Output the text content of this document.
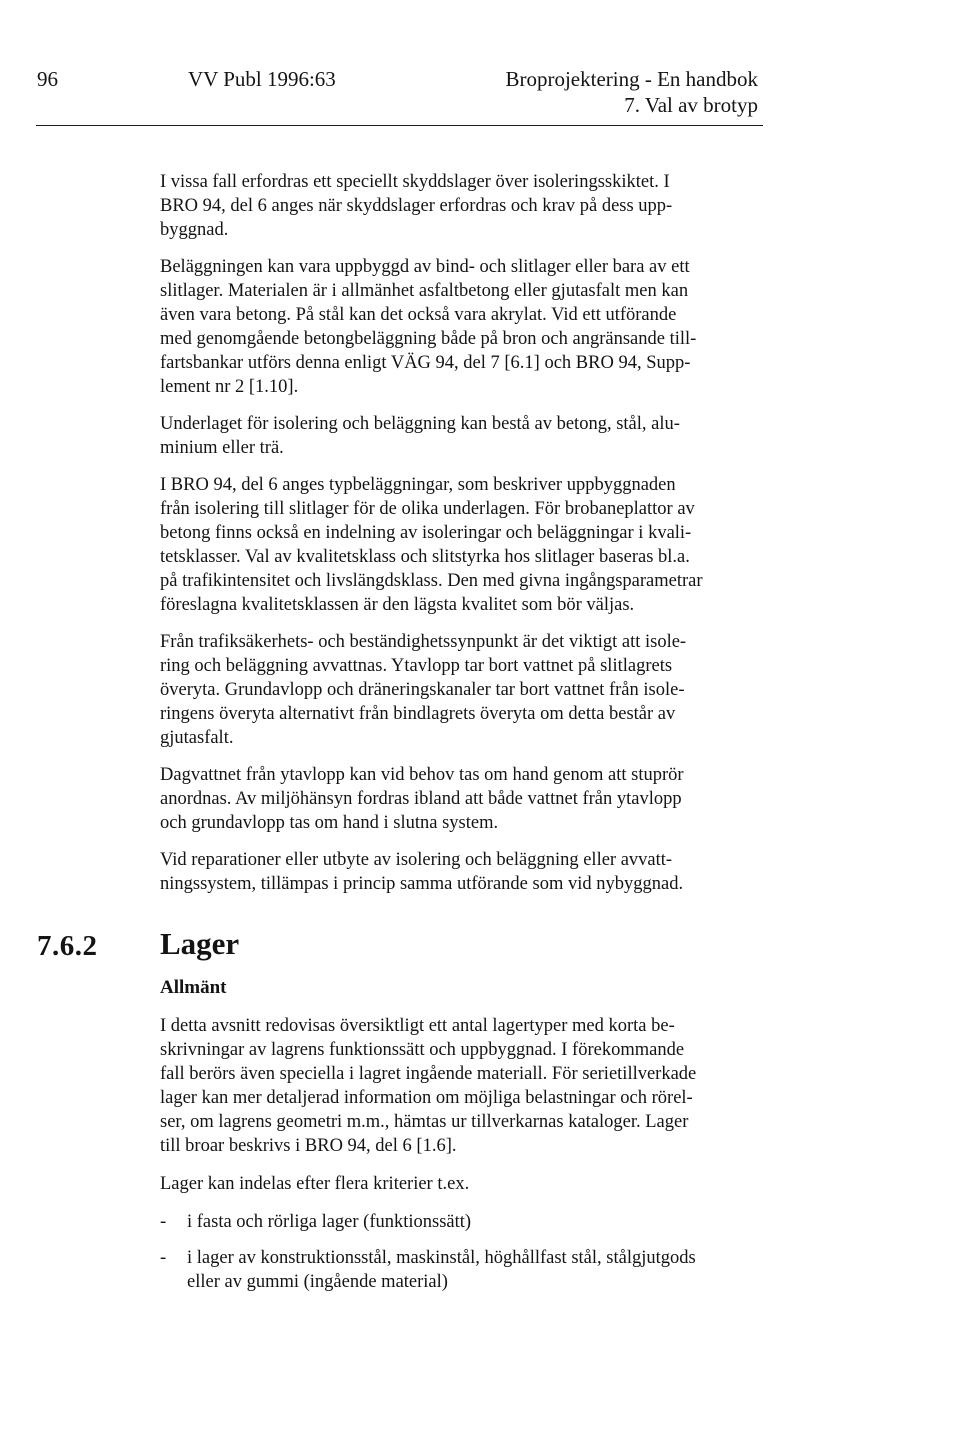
96	VV Publ 1996:63	Broprojektering - En handbok
7. Val av brotyp

I vissa fall erfordras ett speciellt skyddslager över isoleringsskiktet. I
BRO 94, del 6 anges när skyddslager erfordras och krav på dess upp-
byggnad.

Beläggningen kan vara uppbyggd av bind- och slitlager eller bara av ett
slitlager. Materialen är i allmänhet asfaltbetong eller gjutasfalt men kan
även vara betong. På stål kan det också vara akrylat. Vid ett utförande
med genomgående betongbeläggning både på bron och angränsande till-
fartsbankar utförs denna enligt VÄG 94, del 7 [6.1] och BRO 94, Supp-
lement nr 2 [1.10].

Underlaget för isolering och beläggning kan bestå av betong, stål, alu-
minium eller trä.

I BRO 94, del 6 anges typbeläggningar, som beskriver uppbyggnaden
från isolering till slitlager för de olika underlagen. För brobaneplattor av
betong finns också en indelning av isoleringar och beläggningar i kvali-
tetsklasser. Val av kvalitetsklass och slitstyrka hos slitlager baseras bl.a.
på trafikintensitet och livslängdsklass. Den med givna ingångsparametrar
föreslagna kvalitetsklassen är den lägsta kvalitet som bör väljas.

Från trafiksäkerhets- och beständighetssynpunkt är det viktigt att isole-
ring och beläggning avvattnas. Ytavlopp tar bort vattnet på slitlagrets
överyta. Grundavlopp och dräneringskanaler tar bort vattnet från isole-
ringens överyta alternativt från bindlagrets överyta om detta består av
gjutasfalt.

Dagvattnet från ytavlopp kan vid behov tas om hand genom att stuprör
anordnas. Av miljöhänsyn fordras ibland att både vattnet från ytavlopp
och grundavlopp tas om hand i slutna system.

Vid reparationer eller utbyte av isolering och beläggning eller avvatt-
ningssystem, tillämpas i princip samma utförande som vid nybyggnad.

7.6.2 Lager
Allmänt

I detta avsnitt redovisas översiktligt ett antal lagertyper med korta be-
skrivningar av lagrens funktionssätt och uppbyggnad. I förekommande
fall berörs även speciella i lagret ingående materiall. För serietillverkade
lager kan mer detaljerad information om möjliga belastningar och rörel-
ser, om lagrens geometri m.m., hämtas ur tillverkarnas kataloger. Lager
till broar beskrivs i BRO 94, del 6 [1.6].

Lager kan indelas efter flera kriterier t.ex.

- i fasta och rörliga lager (funktionssätt)
- i lager av konstruktionsstål, maskinstål, höghållfast stål, stålgjutgods
eller av gummi (ingående material)
